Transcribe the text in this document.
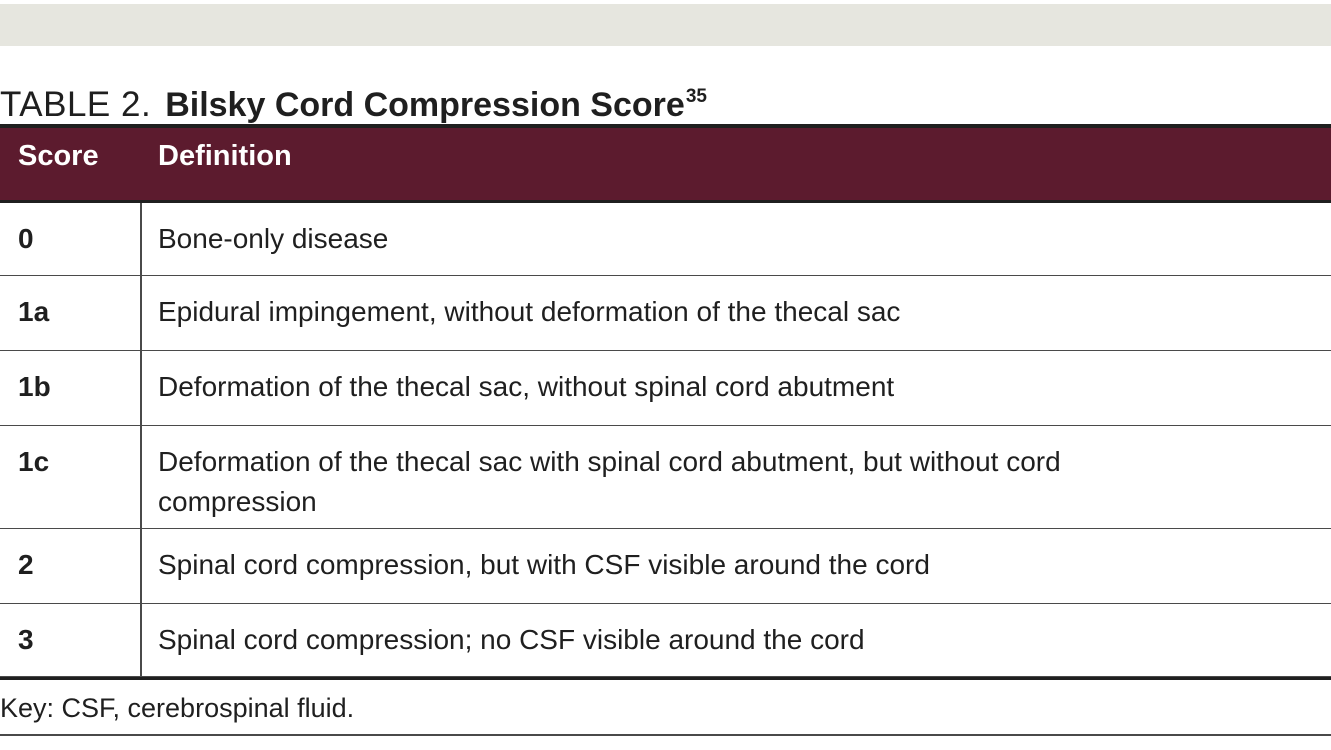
TABLE 2. Bilsky Cord Compression Score$^{35}$
Score Definition
0	Bone-only disease
1a	Epidural impingement, without deformation of the thecal sac
1b	Deformation of the thecal sac, without spinal cord abutment
1c	Deformation of the thecal sac with spinal cord abutment, but without cord compression
2	Spinal cord compression, but with CSF visible around the cord
3	Spinal cord compression; no CSF visible around the cord
Key: CSF, cerebrospinal fluid.
